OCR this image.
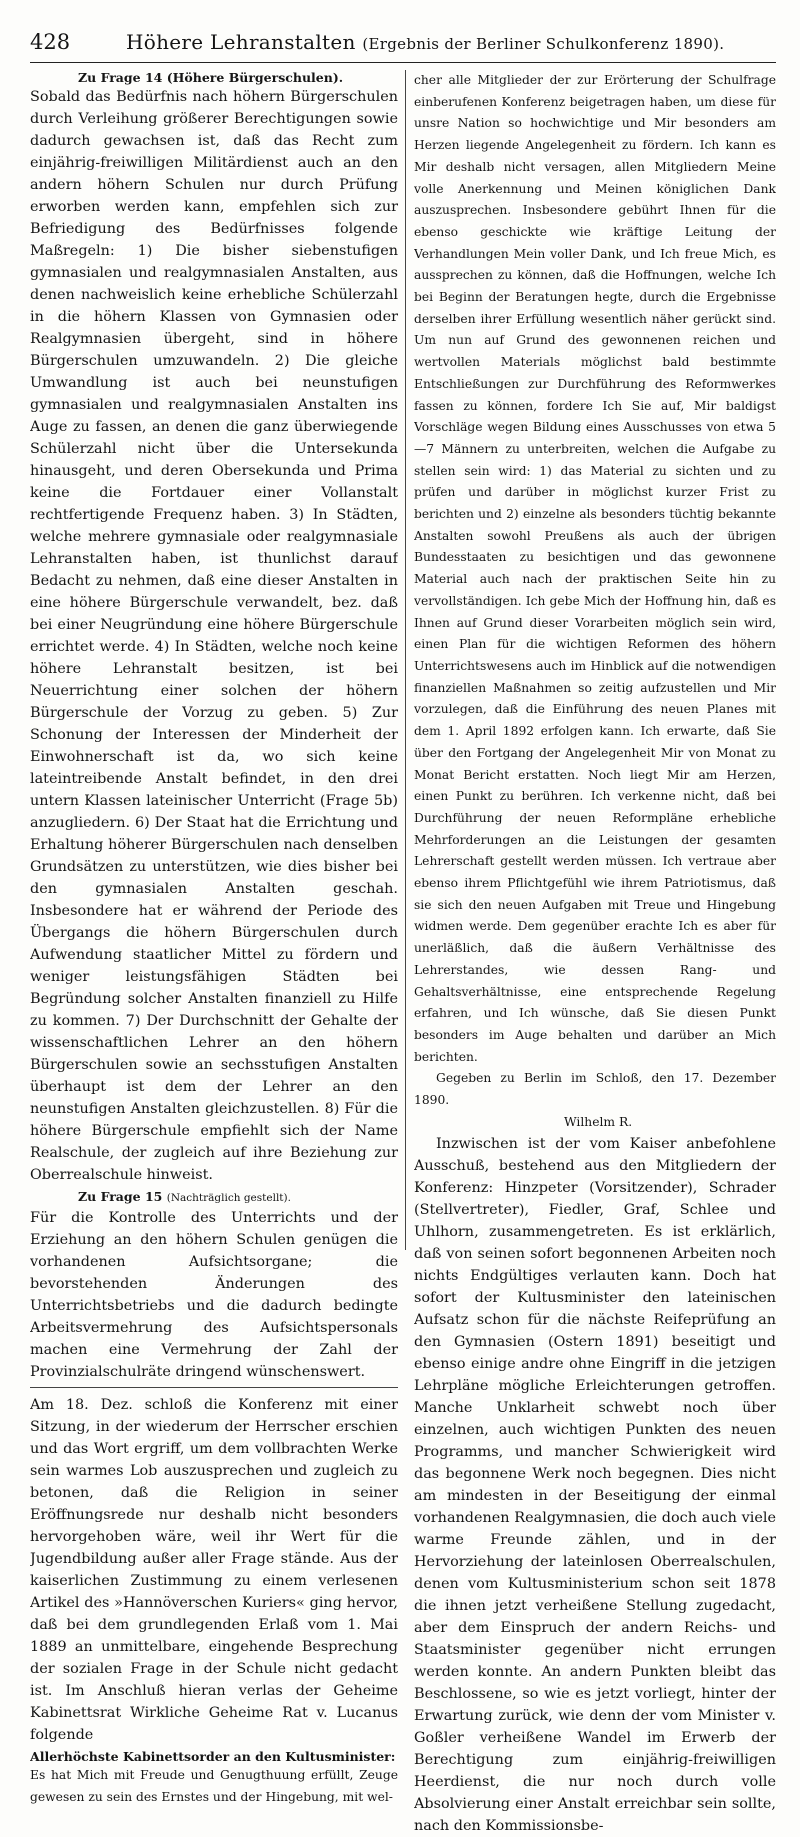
428	Höhere Lehranstalten (Ergebnis der Berliner Schulkonferenz 1890).
Zu Frage 14 (Höhere Bürgerschulen).

Sobald das Bedürfnis nach höhern Bürgerschulen durch Verleihung größerer Berechtigungen sowie dadurch gewachsen ist, daß das Recht zum einjährig-freiwilligen Militärdienst auch an den andern höhern Schulen nur durch Prüfung erworben werden kann, empfehlen sich zur Befriedigung des Bedürfnisses folgende Maßregeln: 1) Die bisher siebenstufigen gymnasialen und realgymnasialen Anstalten, aus denen nachweislich keine erhebliche Schülerzahl in die höhern Klassen von Gymnasien oder Realgymnasien übergeht, sind in höhere Bürgerschulen umzuwandeln. 2) Die gleiche Umwandlung ist auch bei neunstufigen gymnasialen und realgymnasialen Anstalten ins Auge zu fassen, an denen die ganz überwiegende Schülerzahl nicht über die Untersekunda hinausgeht, und deren Obersekunda und Prima keine die Fortdauer einer Vollanstalt rechtfertigende Frequenz haben. 3) In Städten, welche mehrere gymnasiale oder realgymnasiale Lehranstalten haben, ist thunlichst darauf Bedacht zu nehmen, daß eine dieser Anstalten in eine höhere Bürgerschule verwandelt, bez. daß bei einer Neugründung eine höhere Bürgerschule errichtet werde. 4) In Städten, welche noch keine höhere Lehranstalt besitzen, ist bei Neuerrichtung einer solchen der höhern Bürgerschule der Vorzug zu geben. 5) Zur Schonung der Interessen der Minderheit der Einwohnerschaft ist da, wo sich keine lateintreibende Anstalt befindet, in den drei untern Klassen lateinischer Unterricht (Frage 5b) anzugliedern. 6) Der Staat hat die Errichtung und Erhaltung höherer Bürgerschulen nach denselben Grundsätzen zu unterstützen, wie dies bisher bei den gymnasialen Anstalten geschah. Insbesondere hat er während der Periode des Übergangs die höhern Bürgerschulen durch Aufwendung staatlicher Mittel zu fördern und weniger leistungsfähigen Städten bei Begründung solcher Anstalten finanziell zu Hilfe zu kommen. 7) Der Durchschnitt der Gehalte der wissenschaftlichen Lehrer an den höhern Bürgerschulen sowie an sechsstufigen Anstalten überhaupt ist dem der Lehrer an den neunstufigen Anstalten gleichzustellen. 8) Für die höhere Bürgerschule empfiehlt sich der Name Realschule, der zugleich auf ihre Beziehung zur Oberrealschule hinweist.

Zu Frage 15 (Nachträglich gestellt).

Für die Kontrolle des Unterrichts und der Erziehung an den höhern Schulen genügen die vorhandenen Aufsichtsorgane; die bevorstehenden Änderungen des Unterrichtsbetriebs und die dadurch bedingte Arbeitsvermehrung des Aufsichtspersonals machen eine Vermehrung der Zahl der Provinzialschulräte dringend wünschenswert.

Am 18. Dez. schloß die Konferenz mit einer Sitzung, in der wiederum der Herrscher erschien und das Wort ergriff, um dem vollbrachten Werke sein warmes Lob auszusprechen und zugleich zu betonen, daß die Religion in seiner Eröffnungsrede nur deshalb nicht besonders hervorgehoben wäre, weil ihr Wert für die Jugendbildung außer aller Frage stände. Aus der kaiserlichen Zustimmung zu einem verlesenen Artikel des »Hannöverschen Kuriers« ging hervor, daß bei dem grundlegenden Erlaß vom 1. Mai 1889 an unmittelbare, eingehende Besprechung der sozialen Frage in der Schule nicht gedacht ist. Im Anschluß hieran verlas der Geheime Kabinettsrat Wirkliche Geheime Rat v. Lucanus folgende

Allerhöchste Kabinettsorder an den Kultusminister:

Es hat Mich mit Freude und Genugthuung erfüllt, Zeuge gewesen zu sein des Ernstes und der Hingebung, mit wel-

cher alle Mitglieder der zur Erörterung der Schulfrage einberufenen Konferenz beigetragen haben, um diese für unsre Nation so hochwichtige und Mir besonders am Herzen liegende Angelegenheit zu fördern. Ich kann es Mir deshalb nicht versagen, allen Mitgliedern Meine volle Anerkennung und Meinen königlichen Dank auszusprechen. Insbesondere gebührt Ihnen für die ebenso geschickte wie kräftige Leitung der Verhandlungen Mein voller Dank, und Ich freue Mich, es aussprechen zu können, daß die Hoffnungen, welche Ich bei Beginn der Beratungen hegte, durch die Ergebnisse derselben ihrer Erfüllung wesentlich näher gerückt sind. Um nun auf Grund des gewonnenen reichen und wertvollen Materials möglichst bald bestimmte Entschließungen zur Durchführung des Reformwerkes fassen zu können, fordere Ich Sie auf, Mir baldigst Vorschläge wegen Bildung eines Ausschusses von etwa 5—7 Männern zu unterbreiten, welchen die Aufgabe zu stellen sein wird: 1) das Material zu sichten und zu prüfen und darüber in möglichst kurzer Frist zu berichten und 2) einzelne als besonders tüchtig bekannte Anstalten sowohl Preußens als auch der übrigen Bundesstaaten zu besichtigen und das gewonnene Material auch nach der praktischen Seite hin zu vervollständigen. Ich gebe Mich der Hoffnung hin, daß es Ihnen auf Grund dieser Vorarbeiten möglich sein wird, einen Plan für die wichtigen Reformen des höhern Unterrichtswesens auch im Hinblick auf die notwendigen finanziellen Maßnahmen so zeitig aufzustellen und Mir vorzulegen, daß die Einführung des neuen Planes mit dem 1. April 1892 erfolgen kann. Ich erwarte, daß Sie über den Fortgang der Angelegenheit Mir von Monat zu Monat Bericht erstatten. Noch liegt Mir am Herzen, einen Punkt zu berühren. Ich verkenne nicht, daß bei Durchführung der neuen Reformpläne erhebliche Mehrforderungen an die Leistungen der gesamten Lehrerschaft gestellt werden müssen. Ich vertraue aber ebenso ihrem Pflichtgefühl wie ihrem Patriotismus, daß sie sich den neuen Aufgaben mit Treue und Hingebung widmen werde. Dem gegenüber erachte Ich es aber für unerläßlich, daß die äußern Verhältnisse des Lehrerstandes, wie dessen Rang- und Gehaltsverhältnisse, eine entsprechende Regelung erfahren, und Ich wünsche, daß Sie diesen Punkt besonders im Auge behalten und darüber an Mich berichten.

Gegeben zu Berlin im Schloß, den 17. Dezember 1890.

Wilhelm R.

Inzwischen ist der vom Kaiser anbefohlene Ausschuß, bestehend aus den Mitgliedern der Konferenz: Hinzpeter (Vorsitzender), Schrader (Stellvertreter), Fiedler, Graf, Schlee und Uhlhorn, zusammengetreten. Es ist erklärlich, daß von seinen sofort begonnenen Arbeiten noch nichts Endgültiges verlauten kann. Doch hat sofort der Kultusminister den lateinischen Aufsatz schon für die nächste Reifeprüfung an den Gymnasien (Ostern 1891) beseitigt und ebenso einige andre ohne Eingriff in die jetzigen Lehrpläne mögliche Erleichterungen getroffen. Manche Unklarheit schwebt noch über einzelnen, auch wichtigen Punkten des neuen Programms, und mancher Schwierigkeit wird das begonnene Werk noch begegnen. Dies nicht am mindesten in der Beseitigung der einmal vorhandenen Realgymnasien, die doch auch viele warme Freunde zählen, und in der Hervorziehung der lateinlosen Oberrealschulen, denen vom Kultusministerium schon seit 1878 die ihnen jetzt verheißene Stellung zugedacht, aber dem Einspruch der andern Reichs- und Staatsminister gegenüber nicht errungen werden konnte. An andern Punkten bleibt das Beschlossene, so wie es jetzt vorliegt, hinter der Erwartung zurück, wie denn der vom Minister v. Goßler verheißene Wandel im Erwerb der Berechtigung zum einjährig-freiwilligen Heerdienst, die nur noch durch volle Absolvierung einer Anstalt erreichbar sein sollte, nach den Kommissionsbe-
